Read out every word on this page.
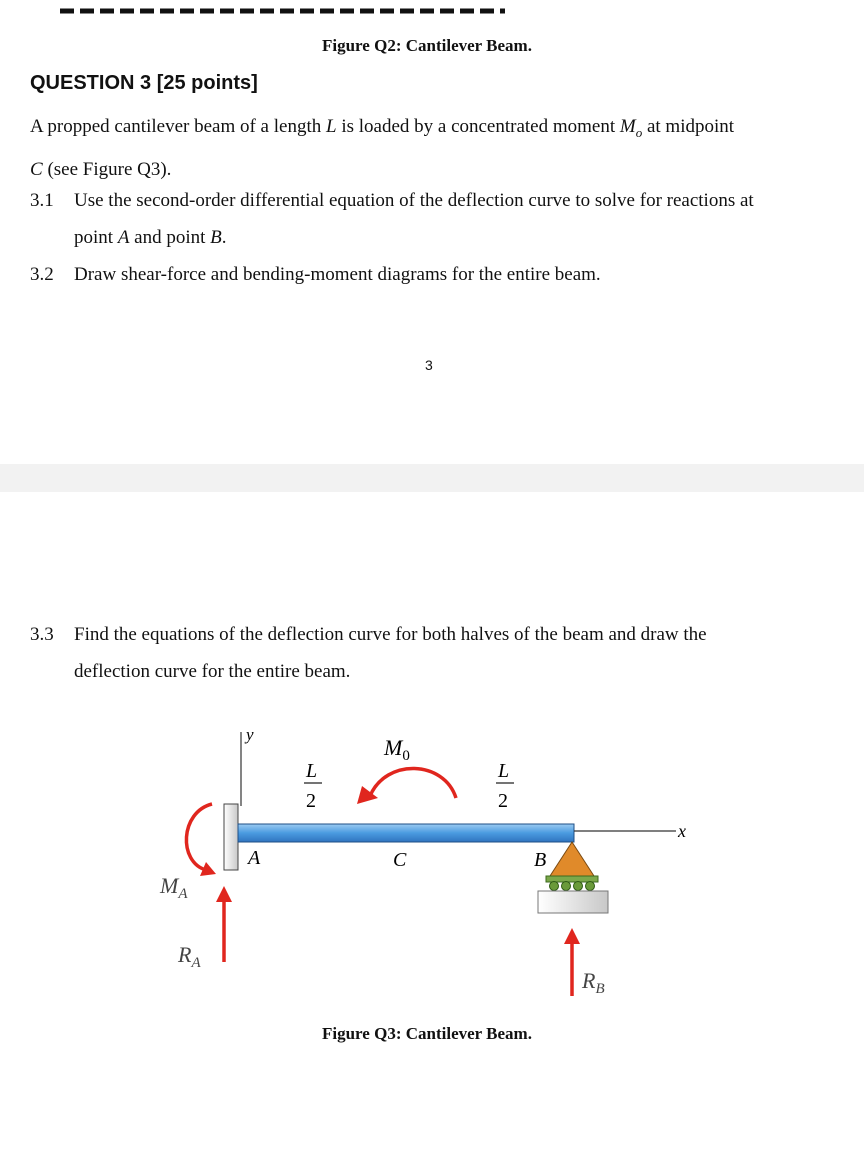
Figure Q2: Cantilever Beam.
QUESTION 3 [25 points]
A propped cantilever beam of a length L is loaded by a concentrated moment $M_o$ at midpoint
C (see Figure Q3).
3.1 Use the second-order differential equation of the deflection curve to solve for reactions at
point A and point B.
3.2 Draw shear-force and bending-moment diagrams for the entire beam.
3
3.3 Find the equations of the deflection curve for both halves of the beam and draw the
deflection curve for the entire beam.
y
x
L
2
L
2
$M_0$
A	C	B
$M_A$
$R_A$
$R_B$
Figure Q3: Cantilever Beam.
